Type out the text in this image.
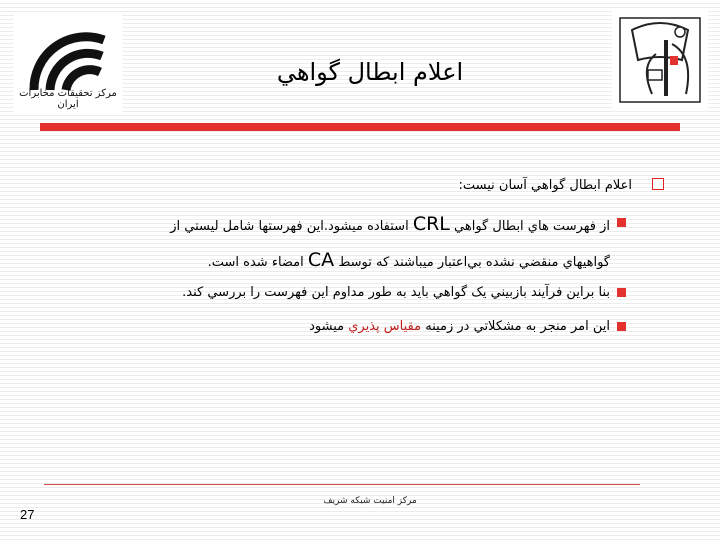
مرکز تحقیقات مخابرات ایران
اعلام ابطال گواهي
اعلام ابطال گواهي آسان نيست:
از فهرست هاي ابطال گواهي CRL استفاده ميشود.اين فهرستها شامل ليستي از
گواهيهاي منقضي نشده بي‌اعتبار ميباشند كه توسط CA امضاء شده است.
بنا براين فرآيند بازبيني يک گواهي بايد به طور مداوم اين فهرست را بررسي كند.
اين امر منجر به مشكلاتي در زمينه مقياس پذيري ميشود
مرکز امنیت شبکه شریف
27
